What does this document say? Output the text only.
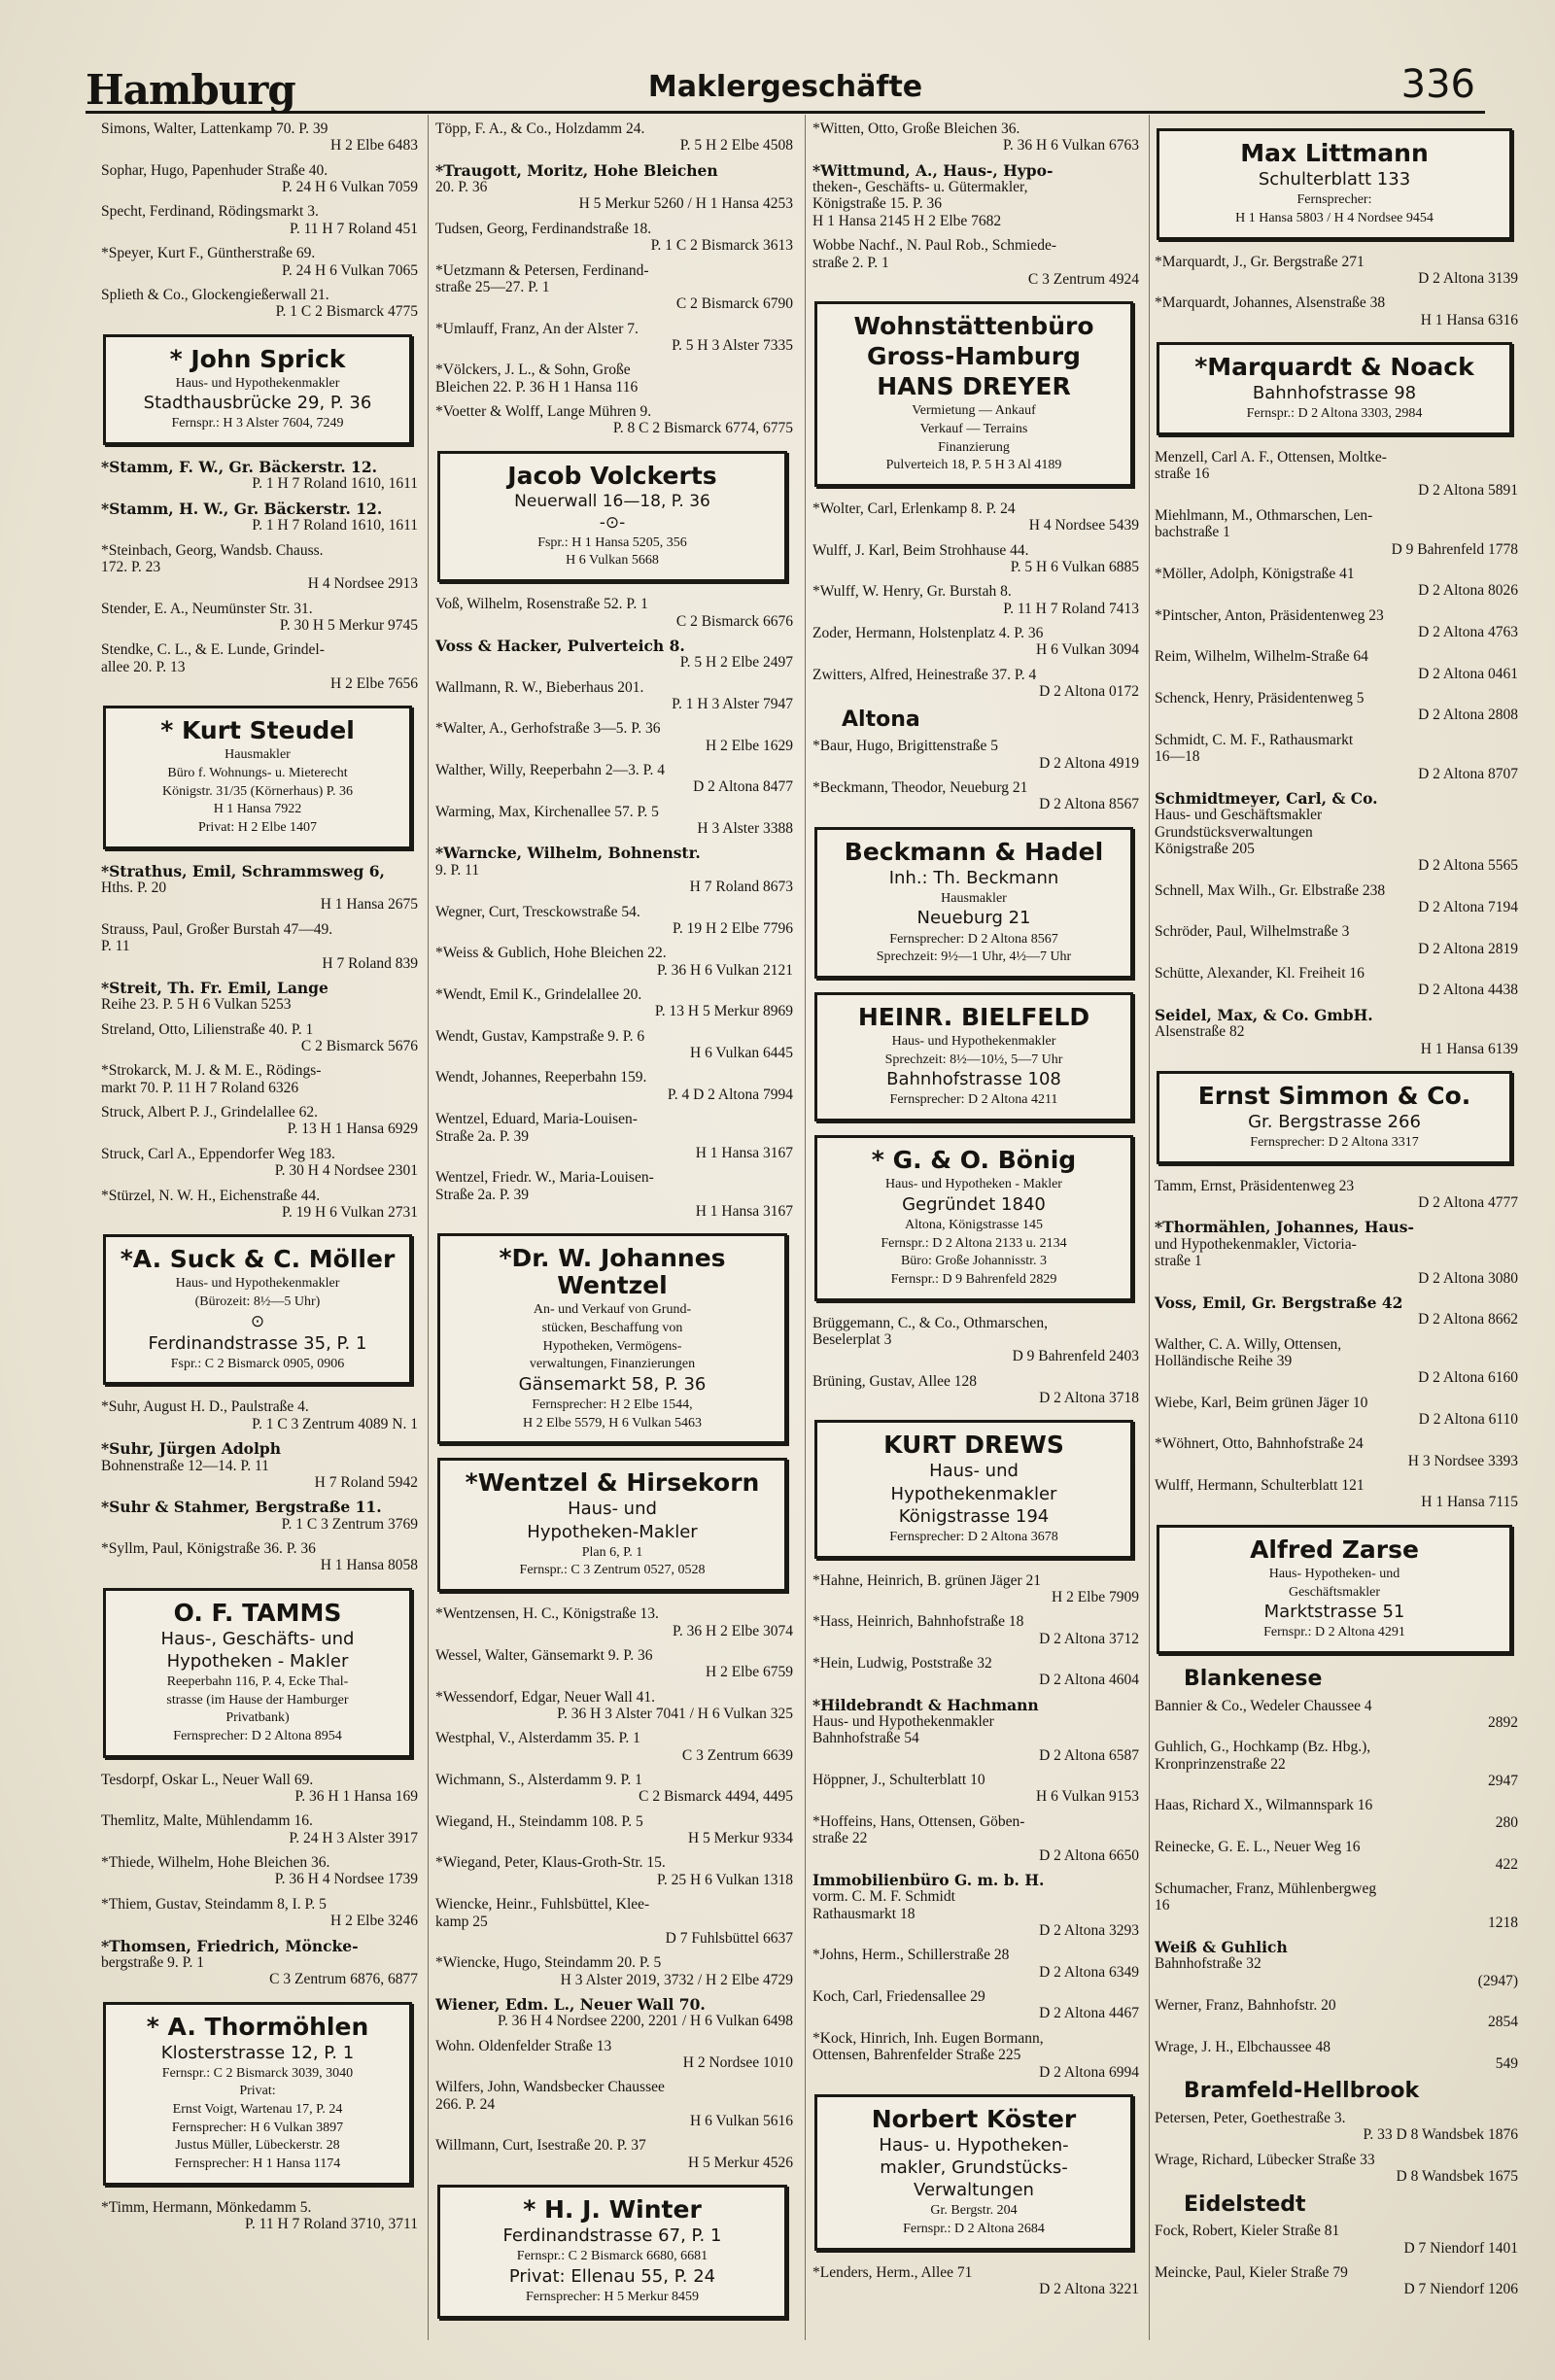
Hamburg	Maklergeschäfte	336

Simons, Walter, Lattenkamp 70. P. 39

H 2 Elbe 6483

Sophar, Hugo, Papenhuder Straße 40.

P. 24 H 6 Vulkan 7059

Specht, Ferdinand, Rödingsmarkt 3.

P. 11 H 7 Roland 451

*Speyer, Kurt F., Güntherstraße 69.

P. 24 H 6 Vulkan 7065

Splieth & Co., Glockengießerwall 21.

P. 1 C 2 Bismarck 4775

* John Sprick

Haus- und Hypothekenmakler

Stadthausbrücke 29, P. 36

Fernspr.: H 3 Alster 7604, 7249

*Stamm, F. W., Gr. Bäckerstr. 12.

P. 1 H 7 Roland 1610, 1611

*Stamm, H. W., Gr. Bäckerstr. 12.

P. 1 H 7 Roland 1610, 1611

*Steinbach, Georg, Wandsb. Chauss.

172. P. 23

H 4 Nordsee 2913

Stender, E. A., Neumünster Str. 31.

P. 30 H 5 Merkur 9745

Stendke, C. L., & E. Lunde, Grindel-

allee 20. P. 13

H 2 Elbe 7656

* Kurt Steudel

Hausmakler

Büro f. Wohnungs- u. Mieterecht

Königstr. 31/35 (Körnerhaus) P. 36

H 1 Hansa 7922

Privat: H 2 Elbe 1407

*Strathus, Emil, Schrammsweg 6,

Hths. P. 20

H 1 Hansa 2675

Strauss, Paul, Großer Burstah 47—49.

P. 11

H 7 Roland 839

*Streit, Th. Fr. Emil, Lange

Reihe 23. P. 5 H 6 Vulkan 5253

Streland, Otto, Lilienstraße 40. P. 1

C 2 Bismarck 5676

*Strokarck, M. J. & M. E., Rödings-

markt 70. P. 11 H 7 Roland 6326

Struck, Albert P. J., Grindelallee 62.

P. 13 H 1 Hansa 6929

Struck, Carl A., Eppendorfer Weg 183.

P. 30 H 4 Nordsee 2301

*Stürzel, N. W. H., Eichenstraße 44.

P. 19 H 6 Vulkan 2731

*A. Suck & C. Möller

Haus- und Hypothekenmakler

(Bürozeit: 8½—5 Uhr)

⊙

Ferdinandstrasse 35, P. 1

Fspr.: C 2 Bismarck 0905, 0906

*Suhr, August H. D., Paulstraße 4.

P. 1 C 3 Zentrum 4089 N. 1

*Suhr, Jürgen Adolph

Bohnenstraße 12—14. P. 11

H 7 Roland 5942

*Suhr & Stahmer, Bergstraße 11.

P. 1 C 3 Zentrum 3769

*Syllm, Paul, Königstraße 36. P. 36

H 1 Hansa 8058

O. F. TAMMS

Haus-, Geschäfts- und

Hypotheken - Makler

Reeperbahn 116, P. 4, Ecke Thal-

strasse (im Hause der Hamburger

Privatbank)

Fernsprecher: D 2 Altona 8954

Tesdorpf, Oskar L., Neuer Wall 69.

P. 36 H 1 Hansa 169

Themlitz, Malte, Mühlendamm 16.

P. 24 H 3 Alster 3917

*Thiede, Wilhelm, Hohe Bleichen 36.

P. 36 H 4 Nordsee 1739

*Thiem, Gustav, Steindamm 8, I. P. 5

H 2 Elbe 3246

*Thomsen, Friedrich, Möncke-

bergstraße 9. P. 1

C 3 Zentrum 6876, 6877

* A. Thormöhlen

Klosterstrasse 12, P. 1

Fernspr.: C 2 Bismarck 3039, 3040

Privat:

Ernst Voigt, Wartenau 17, P. 24

Fernsprecher: H 6 Vulkan 3897

Justus Müller, Lübeckerstr. 28

Fernsprecher: H 1 Hansa 1174

*Timm, Hermann, Mönkedamm 5.

P. 11 H 7 Roland 3710, 3711

Töpp, F. A., & Co., Holzdamm 24.

P. 5 H 2 Elbe 4508

*Traugott, Moritz, Hohe Bleichen

20. P. 36

H 5 Merkur 5260 / H 1 Hansa 4253

Tudsen, Georg, Ferdinandstraße 18.

P. 1 C 2 Bismarck 3613

*Uetzmann & Petersen, Ferdinand-

straße 25—27. P. 1

C 2 Bismarck 6790

*Umlauff, Franz, An der Alster 7.

P. 5 H 3 Alster 7335

*Völckers, J. L., & Sohn, Große

Bleichen 22. P. 36 H 1 Hansa 116

*Voetter & Wolff, Lange Mühren 9.

P. 8 C 2 Bismarck 6774, 6775

Jacob Volckerts

Neuerwall 16—18, P. 36

-⊙-

Fspr.: H 1 Hansa 5205, 356

H 6 Vulkan 5668

Voß, Wilhelm, Rosenstraße 52. P. 1

C 2 Bismarck 6676

Voss & Hacker, Pulverteich 8.

P. 5 H 2 Elbe 2497

Wallmann, R. W., Bieberhaus 201.

P. 1 H 3 Alster 7947

*Walter, A., Gerhofstraße 3—5. P. 36

H 2 Elbe 1629

Walther, Willy, Reeperbahn 2—3. P. 4

D 2 Altona 8477

Warming, Max, Kirchenallee 57. P. 5

H 3 Alster 3388

*Warncke, Wilhelm, Bohnenstr.

9. P. 11

H 7 Roland 8673

Wegner, Curt, Tresckowstraße 54.

P. 19 H 2 Elbe 7796

*Weiss & Gublich, Hohe Bleichen 22.

P. 36 H 6 Vulkan 2121

*Wendt, Emil K., Grindelallee 20.

P. 13 H 5 Merkur 8969

Wendt, Gustav, Kampstraße 9. P. 6

H 6 Vulkan 6445

Wendt, Johannes, Reeperbahn 159.

P. 4 D 2 Altona 7994

Wentzel, Eduard, Maria-Louisen-

Straße 2a. P. 39

H 1 Hansa 3167

Wentzel, Friedr. W., Maria-Louisen-

Straße 2a. P. 39

H 1 Hansa 3167

*Dr. W. Johannes Wentzel

An- und Verkauf von Grund-

stücken, Beschaffung von

Hypotheken, Vermögens-

verwaltungen, Finanzierungen

Gänsemarkt 58, P. 36

Fernsprecher: H 2 Elbe 1544,

H 2 Elbe 5579, H 6 Vulkan 5463

*Wentzel & Hirsekorn

Haus- und

Hypotheken-Makler

Plan 6, P. 1

Fernspr.: C 3 Zentrum 0527, 0528

*Wentzensen, H. C., Königstraße 13.

P. 36 H 2 Elbe 3074

Wessel, Walter, Gänsemarkt 9. P. 36

H 2 Elbe 6759

*Wessendorf, Edgar, Neuer Wall 41.

P. 36 H 3 Alster 7041 / H 6 Vulkan 325

Westphal, V., Alsterdamm 35. P. 1

C 3 Zentrum 6639

Wichmann, S., Alsterdamm 9. P. 1

C 2 Bismarck 4494, 4495

Wiegand, H., Steindamm 108. P. 5

H 5 Merkur 9334

*Wiegand, Peter, Klaus-Groth-Str. 15.

P. 25 H 6 Vulkan 1318

Wiencke, Heinr., Fuhlsbüttel, Klee-

kamp 25

D 7 Fuhlsbüttel 6637

*Wiencke, Hugo, Steindamm 20. P. 5

H 3 Alster 2019, 3732 / H 2 Elbe 4729

Wiener, Edm. L., Neuer Wall 70.

P. 36 H 4 Nordsee 2200, 2201 / H 6 Vulkan 6498

Wohn. Oldenfelder Straße 13

H 2 Nordsee 1010

Wilfers, John, Wandsbecker Chaussee

266. P. 24

H 6 Vulkan 5616

Willmann, Curt, Isestraße 20. P. 37

H 5 Merkur 4526

* H. J. Winter

Ferdinandstrasse 67, P. 1

Fernspr.: C 2 Bismarck 6680, 6681

Privat: Ellenau 55, P. 24

Fernsprecher: H 5 Merkur 8459

*Witten, Otto, Große Bleichen 36.

P. 36 H 6 Vulkan 6763

*Wittmund, A., Haus-, Hypo-

theken-, Geschäfts- u. Gütermakler,

Königstraße 15. P. 36

H 1 Hansa 2145 H 2 Elbe 7682

Wobbe Nachf., N. Paul Rob., Schmiede-

straße 2. P. 1

C 3 Zentrum 4924

Wohnstättenbüro

Gross-Hamburg

HANS DREYER

Vermietung — Ankauf

Verkauf — Terrains

Finanzierung

Pulverteich 18, P. 5 H 3 Al 4189

*Wolter, Carl, Erlenkamp 8. P. 24

H 4 Nordsee 5439

Wulff, J. Karl, Beim Strohhause 44.

P. 5 H 6 Vulkan 6885

*Wulff, W. Henry, Gr. Burstah 8.

P. 11 H 7 Roland 7413

Zoder, Hermann, Holstenplatz 4. P. 36

H 6 Vulkan 3094

Zwitters, Alfred, Heinestraße 37. P. 4

D 2 Altona 0172

Altona

*Baur, Hugo, Brigittenstraße 5

D 2 Altona 4919

*Beckmann, Theodor, Neueburg 21

D 2 Altona 8567

Beckmann & Hadel

Inh.: Th. Beckmann

Hausmakler

Neueburg 21

Fernsprecher: D 2 Altona 8567

Sprechzeit: 9½—1 Uhr, 4½—7 Uhr

HEINR. BIELFELD

Haus- und Hypothekenmakler

Sprechzeit: 8½—10½, 5—7 Uhr

Bahnhofstrasse 108

Fernsprecher: D 2 Altona 4211

* G. & O. Bönig

Haus- und Hypotheken - Makler

Gegründet 1840

Altona, Königstrasse 145

Fernspr.: D 2 Altona 2133 u. 2134

Büro: Große Johannisstr. 3

Fernspr.: D 9 Bahrenfeld 2829

Brüggemann, C., & Co., Othmarschen,

Beselerplat 3

D 9 Bahrenfeld 2403

Brüning, Gustav, Allee 128

D 2 Altona 3718

KURT DREWS

Haus- und

Hypothekenmakler

Königstrasse 194

Fernsprecher: D 2 Altona 3678

*Hahne, Heinrich, B. grünen Jäger 21

H 2 Elbe 7909

*Hass, Heinrich, Bahnhofstraße 18

D 2 Altona 3712

*Hein, Ludwig, Poststraße 32

D 2 Altona 4604

*Hildebrandt & Hachmann

Haus- und Hypothekenmakler

Bahnhofstraße 54

D 2 Altona 6587

Höppner, J., Schulterblatt 10

H 6 Vulkan 9153

*Hoffeins, Hans, Ottensen, Göben-

straße 22

D 2 Altona 6650

Immobilienbüro G. m. b. H.

vorm. C. M. F. Schmidt

Rathausmarkt 18

D 2 Altona 3293

*Johns, Herm., Schillerstraße 28

D 2 Altona 6349

Koch, Carl, Friedensallee 29

D 2 Altona 4467

*Kock, Hinrich, Inh. Eugen Bormann,

Ottensen, Bahrenfelder Straße 225

D 2 Altona 6994

Norbert Köster

Haus- u. Hypotheken-

makler, Grundstücks-

Verwaltungen

Gr. Bergstr. 204

Fernspr.: D 2 Altona 2684

*Lenders, Herm., Allee 71

D 2 Altona 3221

Max Littmann

Schulterblatt 133

Fernsprecher:

H 1 Hansa 5803 / H 4 Nordsee 9454

*Marquardt, J., Gr. Bergstraße 271

D 2 Altona 3139

*Marquardt, Johannes, Alsenstraße 38

H 1 Hansa 6316

*Marquardt & Noack

Bahnhofstrasse 98

Fernspr.: D 2 Altona 3303, 2984

Menzell, Carl A. F., Ottensen, Moltke-

straße 16

D 2 Altona 5891

Miehlmann, M., Othmarschen, Len-

bachstraße 1

D 9 Bahrenfeld 1778

*Möller, Adolph, Königstraße 41

D 2 Altona 8026

*Pintscher, Anton, Präsidentenweg 23

D 2 Altona 4763

Reim, Wilhelm, Wilhelm-Straße 64

D 2 Altona 0461

Schenck, Henry, Präsidentenweg 5

D 2 Altona 2808

Schmidt, C. M. F., Rathausmarkt

16—18

D 2 Altona 8707

Schmidtmeyer, Carl, & Co.

Haus- und Geschäftsmakler

Grundstücksverwaltungen

Königstraße 205

D 2 Altona 5565

Schnell, Max Wilh., Gr. Elbstraße 238

D 2 Altona 7194

Schröder, Paul, Wilhelmstraße 3

D 2 Altona 2819

Schütte, Alexander, Kl. Freiheit 16

D 2 Altona 4438

Seidel, Max, & Co. GmbH.

Alsenstraße 82

H 1 Hansa 6139

Ernst Simmon & Co.

Gr. Bergstrasse 266

Fernsprecher: D 2 Altona 3317

Tamm, Ernst, Präsidentenweg 23

D 2 Altona 4777

*Thormählen, Johannes, Haus-

und Hypothekenmakler, Victoria-

straße 1

D 2 Altona 3080

Voss, Emil, Gr. Bergstraße 42

D 2 Altona 8662

Walther, C. A. Willy, Ottensen,

Holländische Reihe 39

D 2 Altona 6160

Wiebe, Karl, Beim grünen Jäger 10

D 2 Altona 6110

*Wöhnert, Otto, Bahnhofstraße 24

H 3 Nordsee 3393

Wulff, Hermann, Schulterblatt 121

H 1 Hansa 7115

Alfred Zarse

Haus- Hypotheken- und

Geschäftsmakler

Marktstrasse 51

Fernspr.: D 2 Altona 4291

Blankenese

Bannier & Co., Wedeler Chaussee 4

2892

Guhlich, G., Hochkamp (Bz. Hbg.),

Kronprinzenstraße 22

2947

Haas, Richard X., Wilmannspark 16

280

Reinecke, G. E. L., Neuer Weg 16

422

Schumacher, Franz, Mühlenbergweg

16

1218

Weiß & Guhlich

Bahnhofstraße 32

(2947)

Werner, Franz, Bahnhofstr. 20

2854

Wrage, J. H., Elbchaussee 48

549

Bramfeld-Hellbrook

Petersen, Peter, Goethestraße 3.

P. 33 D 8 Wandsbek 1876

Wrage, Richard, Lübecker Straße 33

D 8 Wandsbek 1675

Eidelstedt

Fock, Robert, Kieler Straße 81

D 7 Niendorf 1401

Meincke, Paul, Kieler Straße 79

D 7 Niendorf 1206
